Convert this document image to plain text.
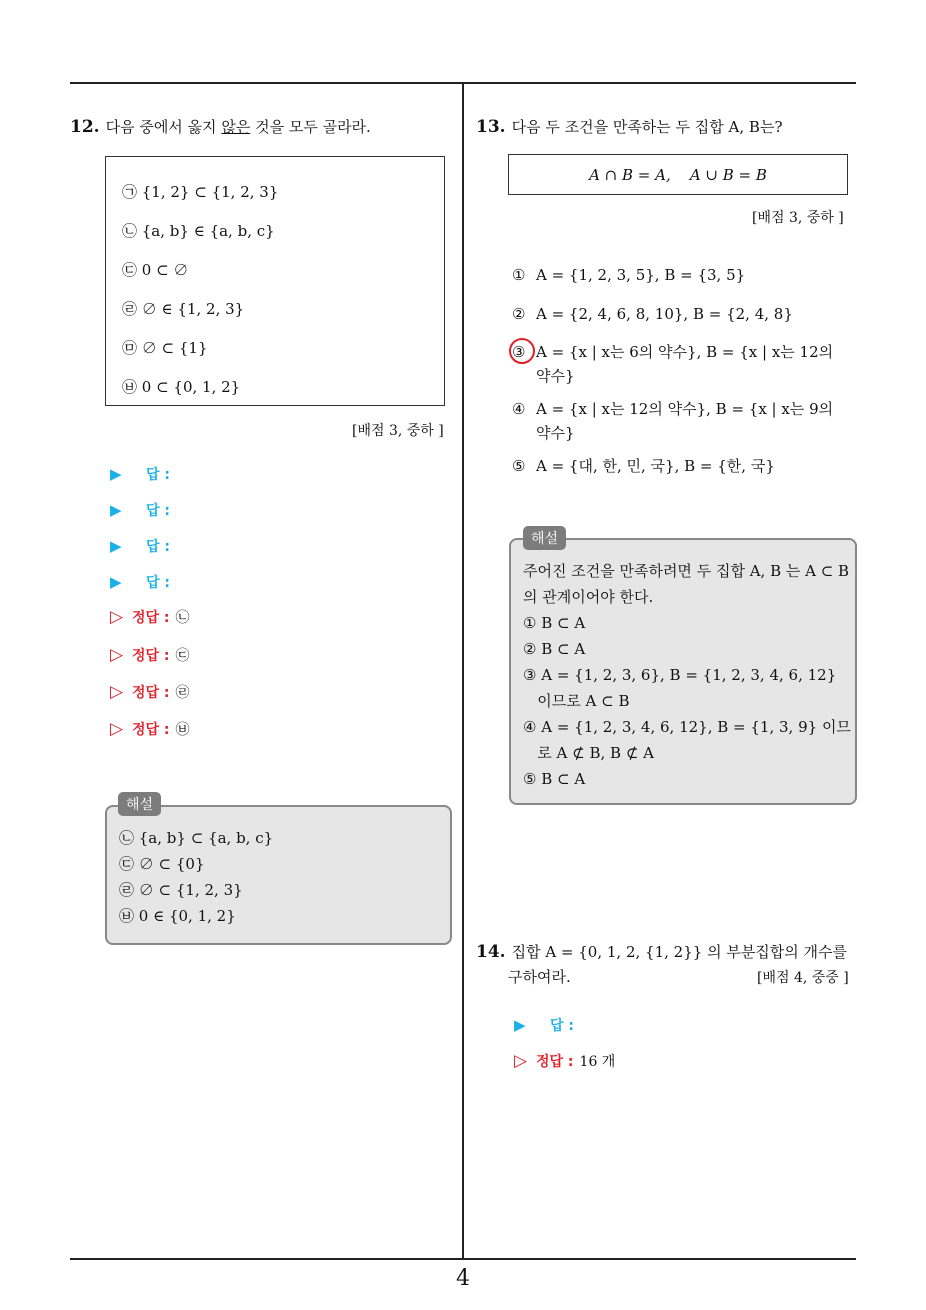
12. 다음 중에서 옳지 않은 것을 모두 골라라.
㉠ {1, 2} ⊂ {1, 2, 3}
㉡ {a, b} ∈ {a, b, c}
㉢ 0 ⊂ ∅
㉣ ∅ ∈ {1, 2, 3}
㉤ ∅ ⊂ {1}
㉥ 0 ⊂ {0, 1, 2}
[배점 3, 중하 ]
▶	답 :
▶	답 :
▶	답 :
▶	답 :
▷ 정답 : ㉡
▷ 정답 : ㉢
▷ 정답 : ㉣
▷ 정답 : ㉥
㉡ {a, b} ⊂ {a, b, c}
㉢ ∅ ⊂ {0}
㉣ ∅ ⊂ {1, 2, 3}
㉥ 0 ∈ {0, 1, 2}
해설
13. 다음 두 조건을 만족하는 두 집합 A, B는?
A ∩ B = A,    A ∪ B = B
[배점 3, 중하 ]
① A = {1, 2, 3, 5}, B = {3, 5}
② A = {2, 4, 6, 8, 10}, B = {2, 4, 8}
③ A = {x | x는 6의 약수}, B = {x | x는 12의
약수}
④ A = {x | x는 12의 약수}, B = {x | x는 9의
약수}
⑤ A = {대, 한, 민, 국}, B = {한, 국}
주어진 조건을 만족하려면 두 집합 A, B 는 A ⊂ B
의 관계이어야 한다.
① B ⊂ A
② B ⊂ A
③ A = {1, 2, 3, 6}, B = {1, 2, 3, 4, 6, 12}
이므로 A ⊂ B
④ A = {1, 2, 3, 4, 6, 12}, B = {1, 3, 9} 이므
로 A ⊄ B, B ⊄ A
⑤ B ⊂ A
해설
14. 집합 A = {0, 1, 2, {1, 2}} 의 부분집합의 개수를
구하여라.	[배점 4, 중중 ]
▶	답 :
▷ 정답 : 16 개
4
